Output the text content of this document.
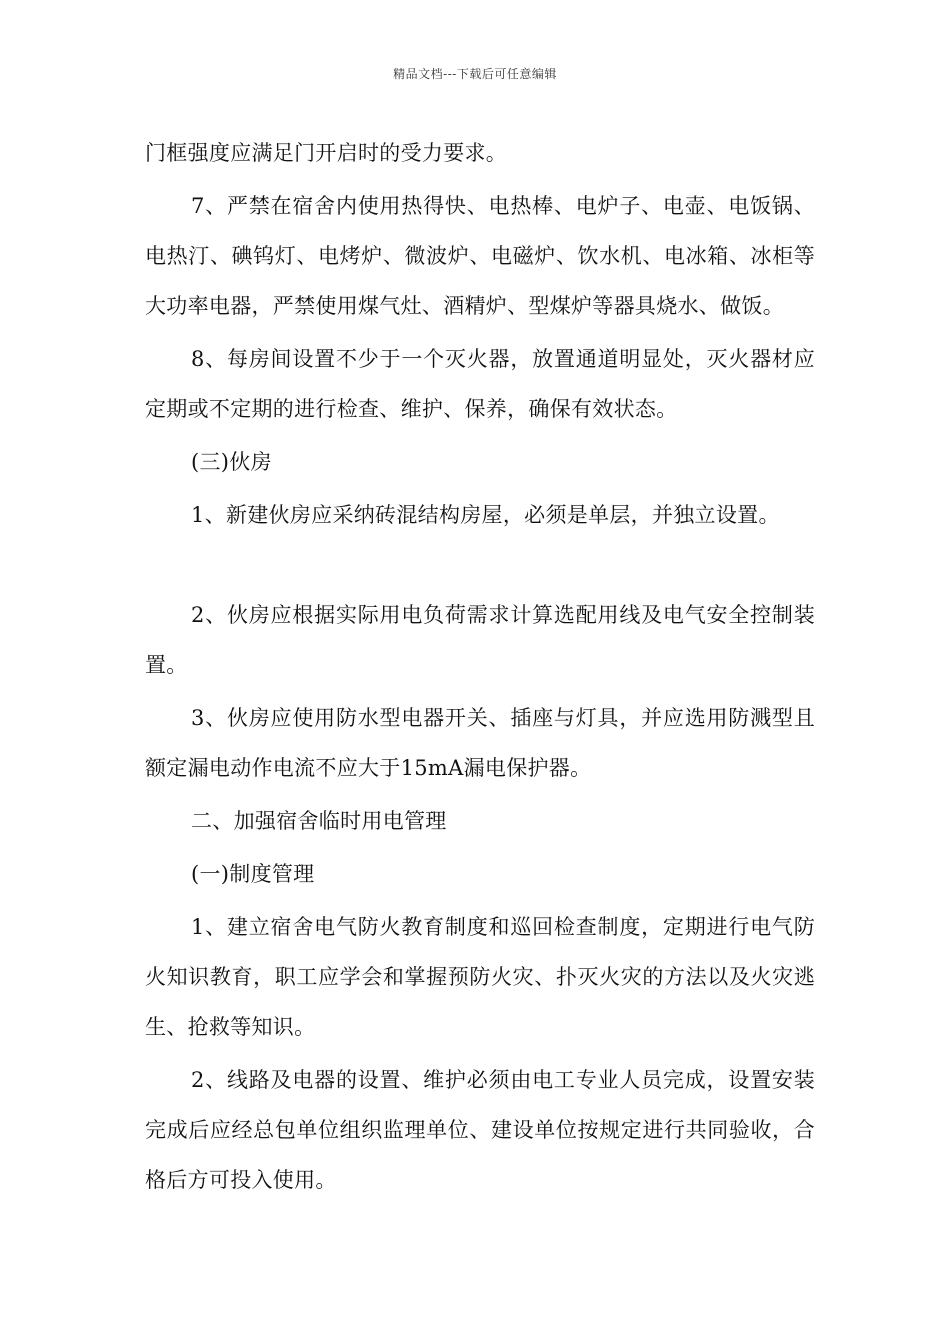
精品文档---下载后可任意编辑

门框强度应满足门开启时的受力要求。

7、严禁在宿舍内使用热得快、电热棒、电炉子、电壶、电饭锅、电热汀、碘钨灯、电烤炉、微波炉、电磁炉、饮水机、电冰箱、冰柜等大功率电器，严禁使用煤气灶、酒精炉、型煤炉等器具烧水、做饭。

8、每房间设置不少于一个灭火器，放置通道明显处，灭火器材应定期或不定期的进行检查、维护、保养，确保有效状态。

(三)伙房

1、新建伙房应采纳砖混结构房屋，必须是单层，并独立设置。

2、伙房应根据实际用电负荷需求计算选配用线及电气安全控制装置。

3、伙房应使用防水型电器开关、插座与灯具，并应选用防溅型且额定漏电动作电流不应大于15mA漏电保护器。

二、加强宿舍临时用电管理

(一)制度管理

1、建立宿舍电气防火教育制度和巡回检查制度，定期进行电气防火知识教育，职工应学会和掌握预防火灾、扑灭火灾的方法以及火灾逃生、抢救等知识。

2、线路及电器的设置、维护必须由电工专业人员完成，设置安装完成后应经总包单位组织监理单位、建设单位按规定进行共同验收，合格后方可投入使用。
